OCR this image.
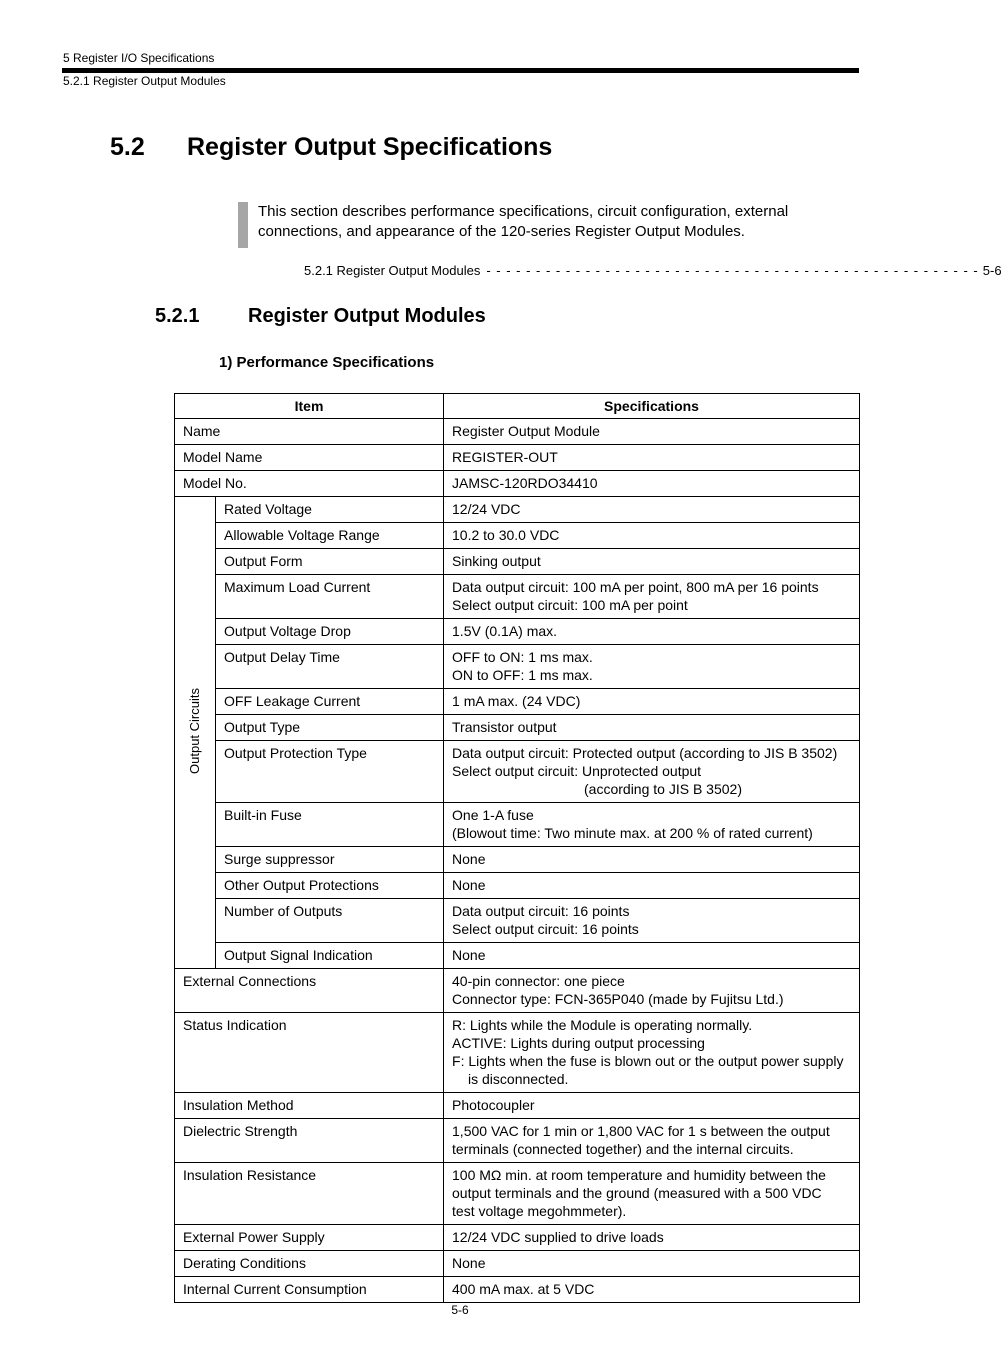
5 Register I/O Specifications
5.2.1 Register Output Modules
5.2 Register Output Specifications
This section describes performance specifications, circuit configuration, external connections, and appearance of the 120-series Register Output Modules.
5.2.1 Register Output Modules - - - - - - - - - - - - - - - - - - - - - - - - - - - - - - - - - - - - - - - - - - - - - - - - - - 5-6
5.2.1 Register Output Modules
1) Performance Specifications
Item		Specifications
Name		Register Output Module

Model Name		REGISTER-OUT

Model No.		JAMSC-120RDO34410

Output Circuits	Rated Voltage	12/24 VDC

	Allowable Voltage Range	10.2 to 30.0 VDC

	Output Form	Sinking output

	Maximum Load Current	Data output circuit: 100 mA per point, 800 mA per 16 points
Select output circuit: 100 mA per point

	Output Voltage Drop	1.5V (0.1A) max.

	Output Delay Time	OFF to ON: 1 ms max.
ON to OFF: 1 ms max.

	OFF Leakage Current	1 mA max. (24 VDC)

	Output Type	Transistor output

	Output Protection Type	Data output circuit: Protected output (according to JIS B 3502)
Select output circuit: Unprotected output
(according to JIS B 3502)

	Built-in Fuse	One 1-A fuse
(Blowout time: Two minute max. at 200 % of rated current)

	Surge suppressor	None

	Other Output Protections	None

	Number of Outputs	Data output circuit: 16 points
Select output circuit: 16 points

	Output Signal Indication	None

External Connections		40-pin connector: one piece
Connector type: FCN-365P040 (made by Fujitsu Ltd.)

Status Indication		R: Lights while the Module is operating normally.
ACTIVE: Lights during output processing
F: Lights when the fuse is blown out or the output power supply
is disconnected.

Insulation Method		Photocoupler

Dielectric Strength		1,500 VAC for 1 min or 1,800 VAC for 1 s between the output
terminals (connected together) and the internal circuits.

Insulation Resistance		100 MΩ min. at room temperature and humidity between the
output terminals and the ground (measured with a 500 VDC
test voltage megohmmeter).

External Power Supply		12/24 VDC supplied to drive loads

Derating Conditions		None

Internal Current Consumption		400 mA max. at 5 VDC
5-6
